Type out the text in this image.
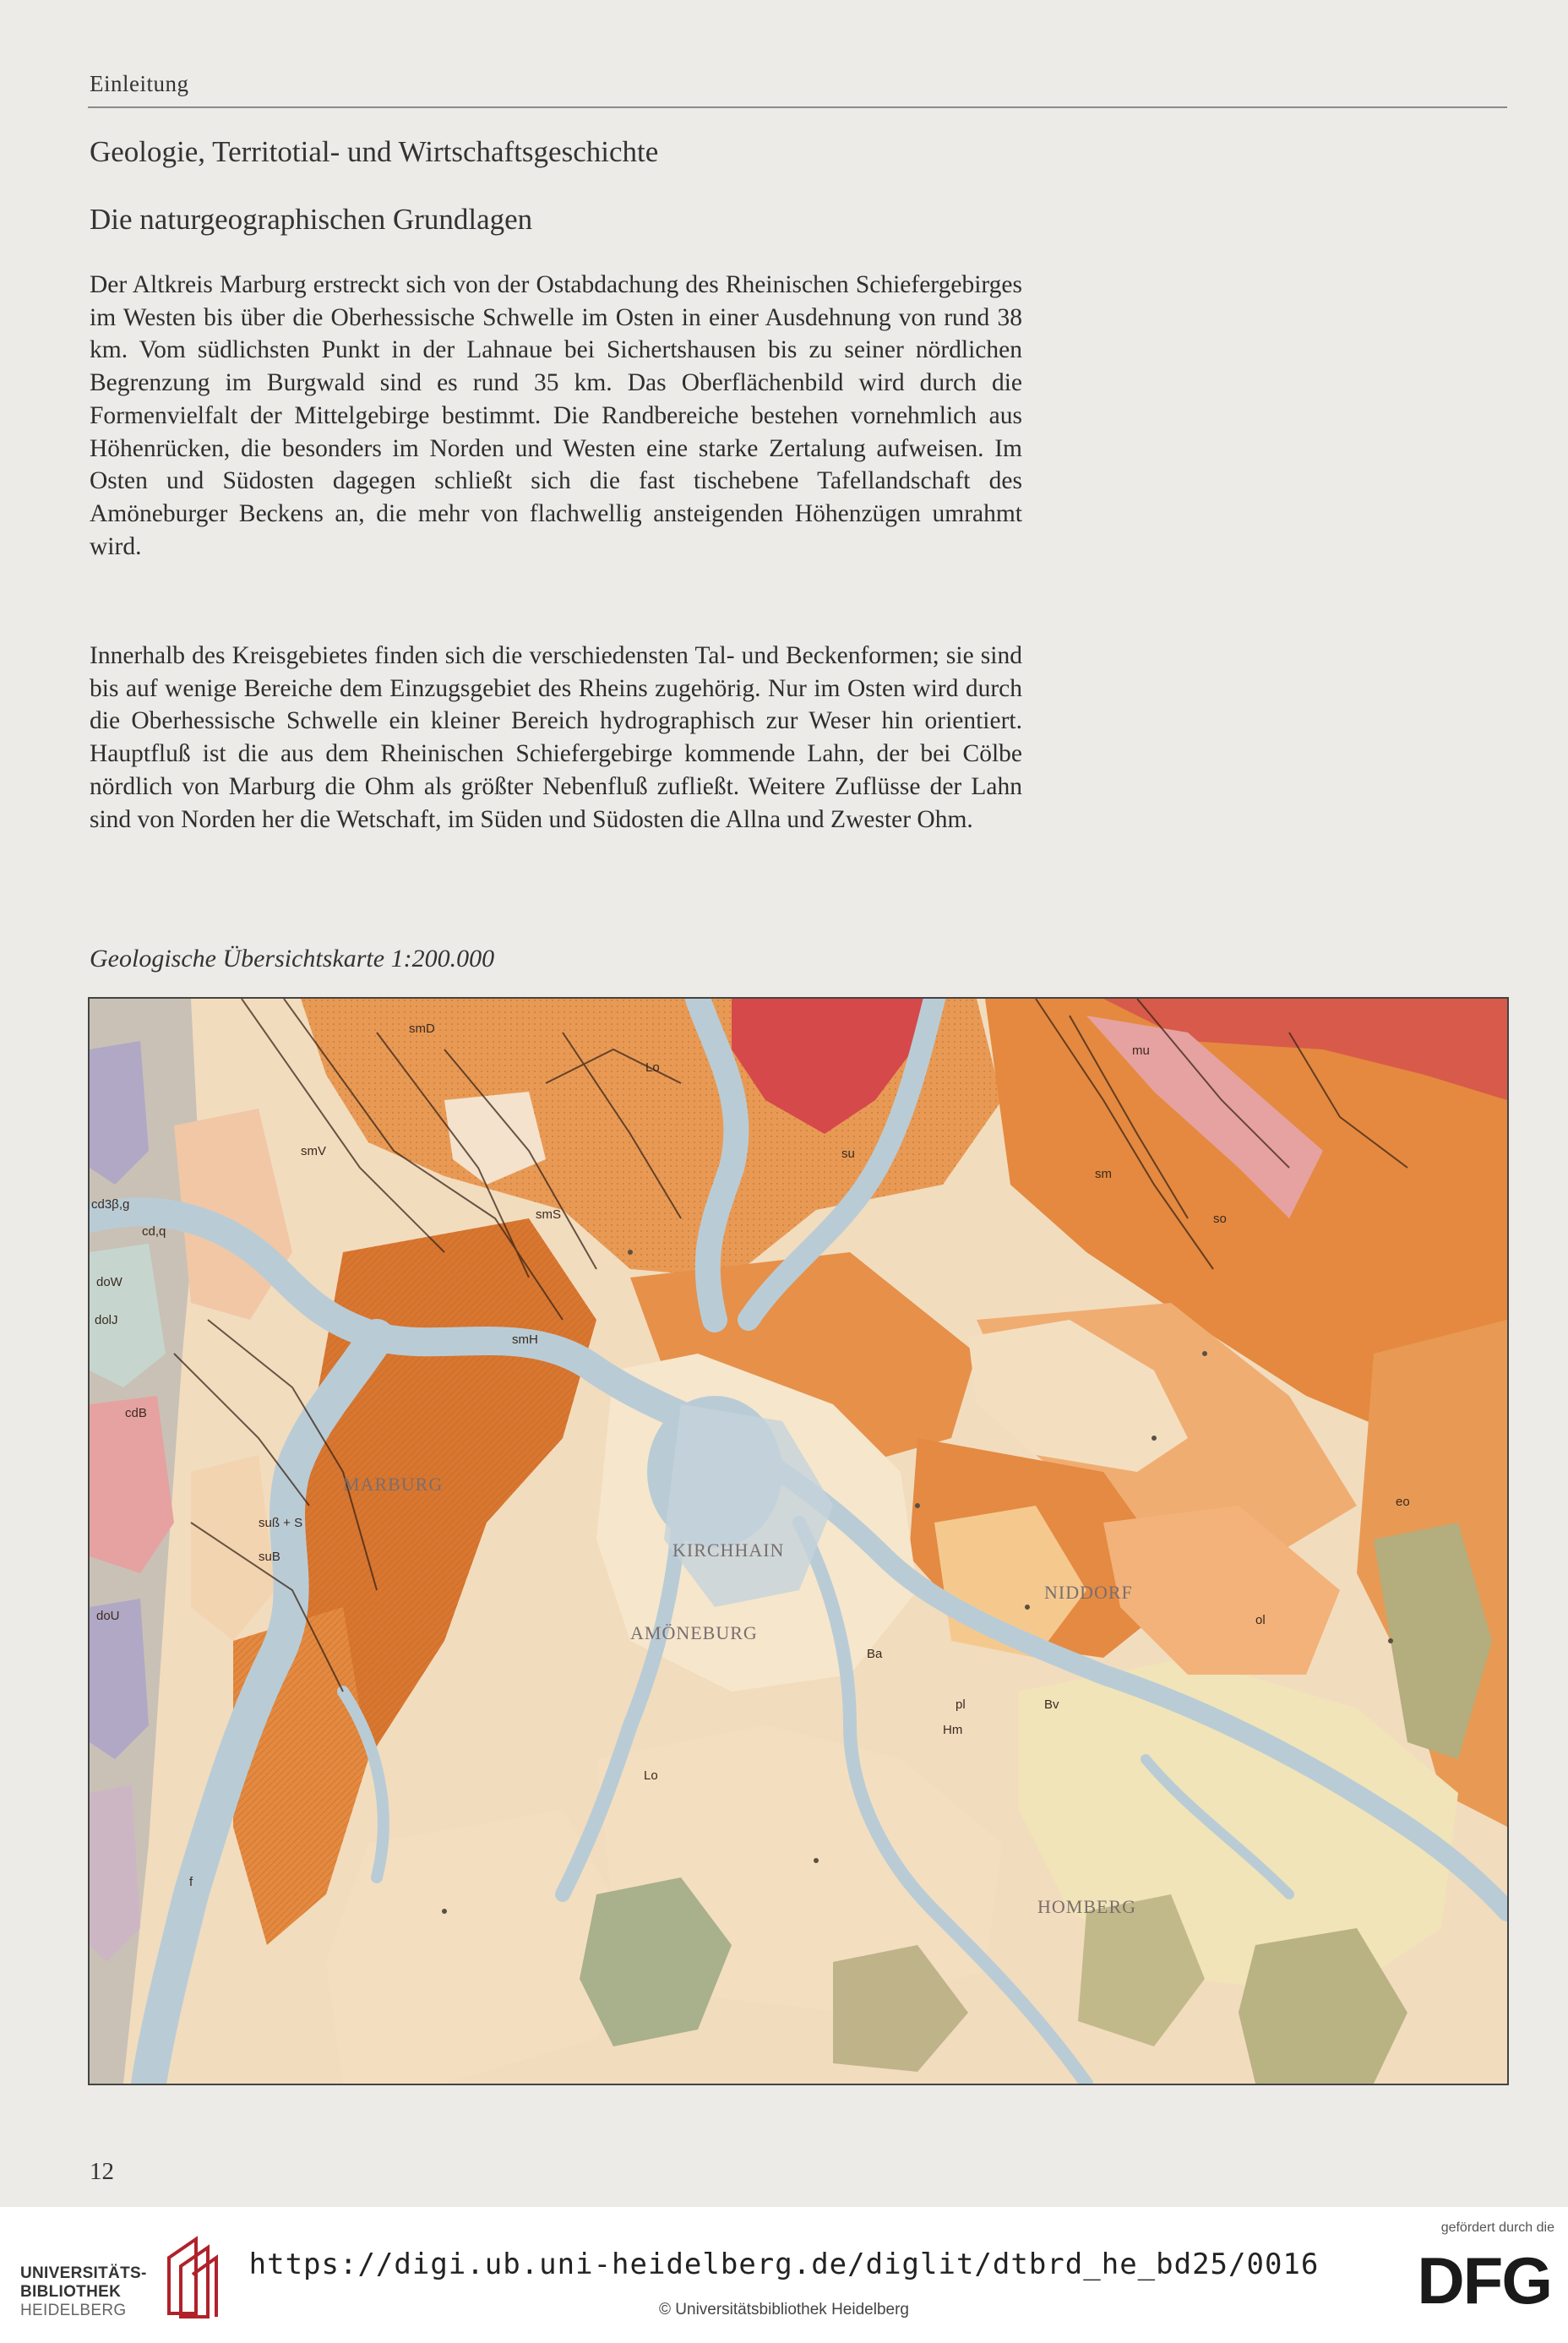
Einleitung
Geologie, Territotial- und Wirtschaftsgeschichte
Die naturgeographischen Grundlagen
Der Altkreis Marburg erstreckt sich von der Ostabdachung des Rheinischen Schiefergebirges im Westen bis über die Oberhessische Schwelle im Osten in einer Ausdehnung von rund 38 km. Vom südlichsten Punkt in der Lahnaue bei Sichertshausen bis zu seiner nördlichen Begrenzung im Burgwald sind es rund 35 km. Das Oberflächenbild wird durch die Formenvielfalt der Mittelgebirge bestimmt. Die Randbereiche bestehen vornehmlich aus Höhenrücken, die besonders im Norden und Westen eine starke Zertalung aufweisen. Im Osten und Südosten dagegen schließt sich die fast tischebene Tafellandschaft des Amöneburger Beckens an, die mehr von flachwellig ansteigenden Höhenzügen umrahmt wird.
Innerhalb des Kreisgebietes finden sich die verschiedensten Tal- und Beckenformen; sie sind bis auf wenige Bereiche dem Einzugsgebiet des Rheins zugehörig. Nur im Osten wird durch die Oberhessische Schwelle ein kleiner Bereich hydrographisch zur Weser hin orientiert. Hauptfluß ist die aus dem Rheinischen Schiefergebirge kommende Lahn, der bei Cölbe nördlich von Marburg die Ohm als größter Nebenfluß zufließt. Weitere Zuflüsse der Lahn sind von Norden her die Wetschaft, im Süden und Südosten die Allna und Zwester Ohm.
Geologische Übersichtskarte 1:200.000
smD
smV
smS
smH
su
sm
mu
so
Lo
Ba
Bv
pl
ol
f
Hm
cdB
cd3β,g
cd,q
doW
dolJ
doU
suB
suß + S
eo
Lo
KIRCHHAIN
AMÖNEBURG
HOMBERG
NIDDORF
MARBURG
12
UNIVERSITÄTS-
BIBLIOTHEK
HEIDELBERG
https://digi.ub.uni-heidelberg.de/diglit/dtbrd_he_bd25/0016
© Universitätsbibliothek Heidelberg
gefördert durch die
DFG
